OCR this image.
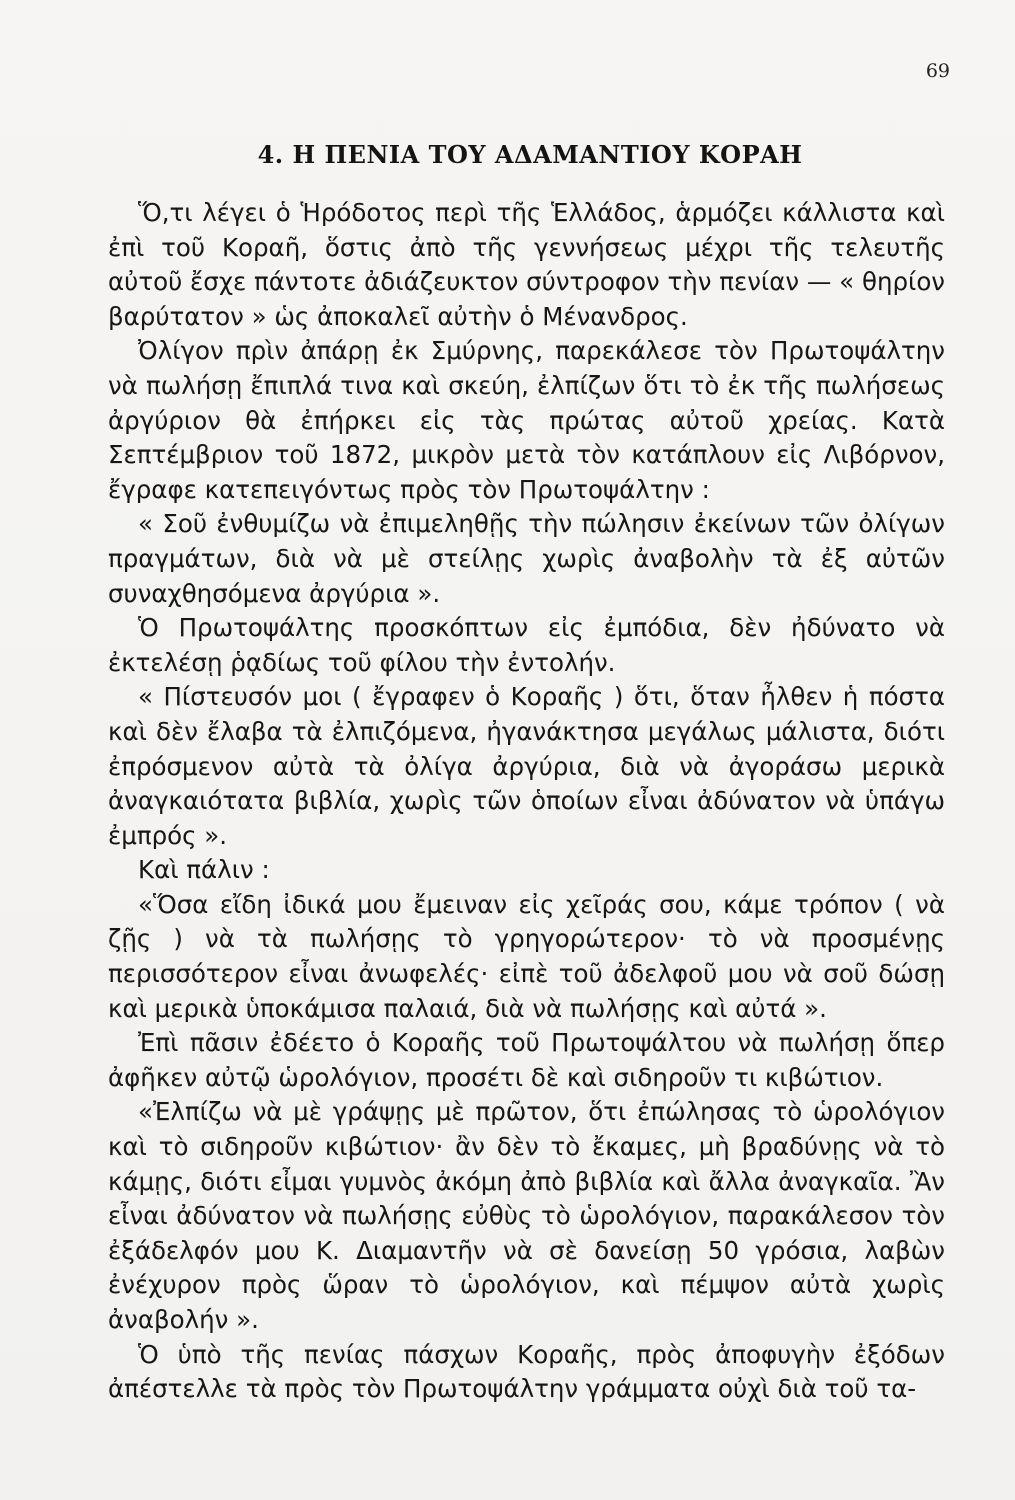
69
4. Η ΠΕΝΙΑ ΤΟΥ ΑΔΑΜΑΝΤΙΟΥ ΚΟΡΑΗ

Ὅ,τι λέγει ὁ Ἡρόδοτος περὶ τῆς Ἑλλάδος, ἁρμόζει κάλλιστα καὶ ἐπὶ τοῦ Κοραῆ, ὅστις ἀπὸ τῆς γεννήσεως μέχρι τῆς τελευτῆς αὐτοῦ ἔσχε πάντοτε ἀδιάζευκτον σύντροφον τὴν πενίαν — « θηρίον βαρύτατον » ὡς ἀποκαλεῖ αὐτὴν ὁ Μένανδρος.

Ὀλίγον πρὶν ἀπάρῃ ἐκ Σμύρνης, παρεκάλεσε τὸν Πρωτοψάλτην νὰ πωλήσῃ ἔπιπλά τινα καὶ σκεύη, ἐλπίζων ὅτι τὸ ἐκ τῆς πωλήσεως ἀργύριον θὰ ἐπήρκει εἰς τὰς πρώτας αὐτοῦ χρείας. Κατὰ Σεπτέμβριον τοῦ 1872, μικρὸν μετὰ τὸν κατάπλουν εἰς Λιβόρνον, ἔγραφε κατεπειγόντως πρὸς τὸν Πρωτοψάλτην :

« Σοῦ ἐνθυμίζω νὰ ἐπιμεληθῇς τὴν πώλησιν ἐκείνων τῶν ὀλίγων πραγμάτων, διὰ νὰ μὲ στείλῃς χωρὶς ἀναβολὴν τὰ ἐξ αὐτῶν συναχθησόμενα ἀργύρια ».

Ὁ Πρωτοψάλτης προσκόπτων εἰς ἐμπόδια, δὲν ἠδύνατο νὰ ἐκτελέσῃ ῥᾳδίως τοῦ φίλου τὴν ἐντολήν.

« Πίστευσόν μοι ( ἔγραφεν ὁ Κοραῆς ) ὅτι, ὅταν ἦλθεν ἡ πόστα καὶ δὲν ἔλαβα τὰ ἐλπιζόμενα, ἠγανάκτησα μεγάλως μάλιστα, διότι ἐπρόσμενον αὐτὰ τὰ ὀλίγα ἀργύρια, διὰ νὰ ἀγοράσω μερικὰ ἀναγκαιότατα βιβλία, χωρὶς τῶν ὁποίων εἶναι ἀδύνατον νὰ ὑπάγω ἐμπρός ».

Καὶ πάλιν :

«Ὅσα εἴδη ἰδικά μου ἔμειναν εἰς χεῖράς σου, κάμε τρόπον ( νὰ ζῇς ) νὰ τὰ πωλήσῃς τὸ γρηγορώτερον· τὸ νὰ προσμένῃς περισσότερον εἶναι ἀνωφελές· εἰπὲ τοῦ ἀδελφοῦ μου νὰ σοῦ δώσῃ καὶ μερικὰ ὑποκάμισα παλαιά, διὰ νὰ πωλήσῃς καὶ αὐτά ».

Ἐπὶ πᾶσιν ἐδέετο ὁ Κοραῆς τοῦ Πρωτοψάλτου νὰ πωλήσῃ ὅπερ ἀφῆκεν αὐτῷ ὡρολόγιον, προσέτι δὲ καὶ σιδηροῦν τι κιβώτιον.

«Ἐλπίζω νὰ μὲ γράψῃς μὲ πρῶτον, ὅτι ἐπώλησας τὸ ὡρολόγιον καὶ τὸ σιδηροῦν κιβώτιον· ἂν δὲν τὸ ἔκαμες, μὴ βραδύνῃς νὰ τὸ κάμῃς, διότι εἶμαι γυμνὸς ἀκόμη ἀπὸ βιβλία καὶ ἄλλα ἀναγκαῖα. Ἂν εἶναι ἀδύνατον νὰ πωλήσῃς εὐθὺς τὸ ὡρολόγιον, παρακάλεσον τὸν ἐξάδελφόν μου Κ. Διαμαντῆν νὰ σὲ δανείσῃ 50 γρόσια, λαβὼν ἐνέχυρον πρὸς ὥραν τὸ ὡρολόγιον, καὶ πέμψον αὐτὰ χωρὶς ἀναβολήν ».

Ὁ ὑπὸ τῆς πενίας πάσχων Κοραῆς, πρὸς ἀποφυγὴν ἐξόδων ἀπέστελλε τὰ πρὸς τὸν Πρωτοψάλτην γράμματα οὐχὶ διὰ τοῦ τα-
